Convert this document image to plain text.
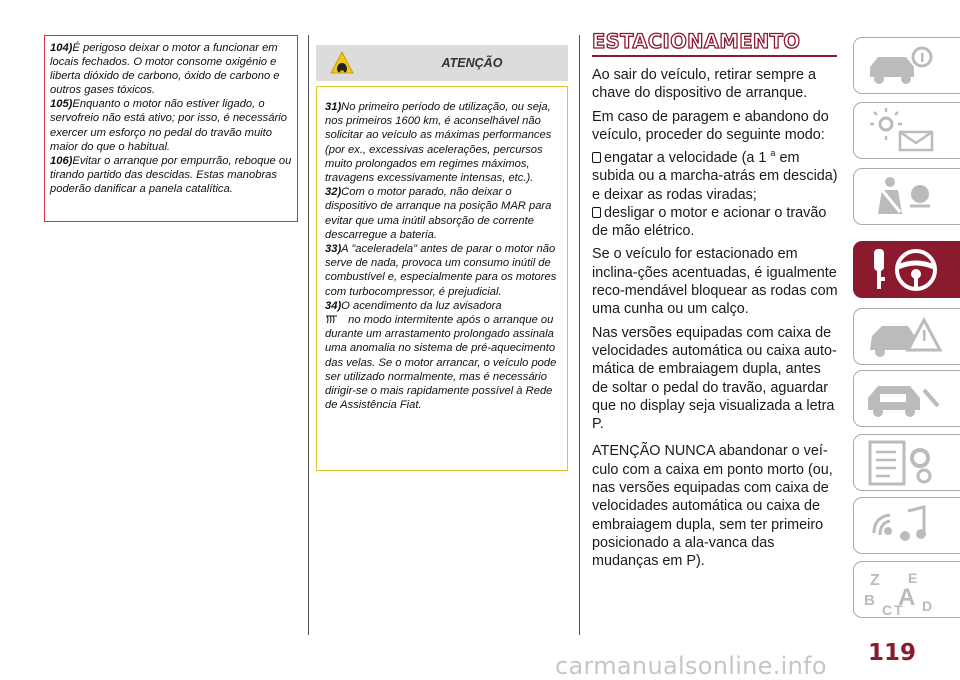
104)É perigoso deixar o motor a funcionar em locais fechados. O motor consome oxigénio e liberta dióxido de carbono, óxido de carbono e outros gases tóxicos.

105)Enquanto o motor não estiver ligado, o servofreio não está ativo; por isso, é necessário exercer um esforço no pedal do travão muito maior do que o habitual.

106)Evitar o arranque por empurrão, reboque ou tirando partido das descidas. Estas manobras poderão danificar a panela catalítica.

ATENÇÃO

31)No primeiro período de utilização, ou seja, nos primeiros 1600 km, é aconselhável não solicitar ao veículo as máximas performances (por ex., excessivas acelerações, percursos muito prolongados em regimes máximos, travagens excessivamente intensas, etc.).

32)Com o motor parado, não deixar o dispositivo de arranque na posição MAR para evitar que uma inútil absorção de corrente descarregue a bateria.

33)A "aceleradela" antes de parar o motor não serve de nada, provoca um consumo inútil de combustível e, especialmente para os motores com turbocompressor, é prejudicial.

34)O acendimento da luz avisadora
no modo intermitente após o arranque ou durante um arrastamento prolongado assinala uma anomalia no sistema de pré-aquecimento das velas. Se o motor arrancar, o veículo pode ser utilizado normalmente, mas é necessário dirigir-se o mais rapidamente possível à Rede de Assistência Fiat.

ESTACIONAMENTO

Ao sair do veículo, retirar sempre a chave do dispositivo de arranque.

Em caso de paragem e abandono do veículo, proceder do seguinte modo:

engatar a velocidade (a 1 $^a$ em subida ou a marcha-atrás em descida) e deixar as rodas viradas;

desligar o motor e acionar o travão de mão elétrico.

Se o veículo for estacionado em inclina-ções acentuadas, é igualmente reco-mendável bloquear as rodas com uma cunha ou um calço.

Nas versões equipadas com caixa de velocidades automática ou caixa auto-mática de embraiagem dupla, antes de soltar o pedal do travão, aguardar que no display seja visualizada a letra P.

ATENÇÃO NUNCA abandonar o veí-culo com a caixa em ponto morto (ou, nas versões equipadas com caixa de velocidades automática ou caixa de embraiagem dupla, sem ter primeiro posicionado a ala-vanca das mudanças em P).

Z E
B A
C T D
119
carmanualsonline.info
